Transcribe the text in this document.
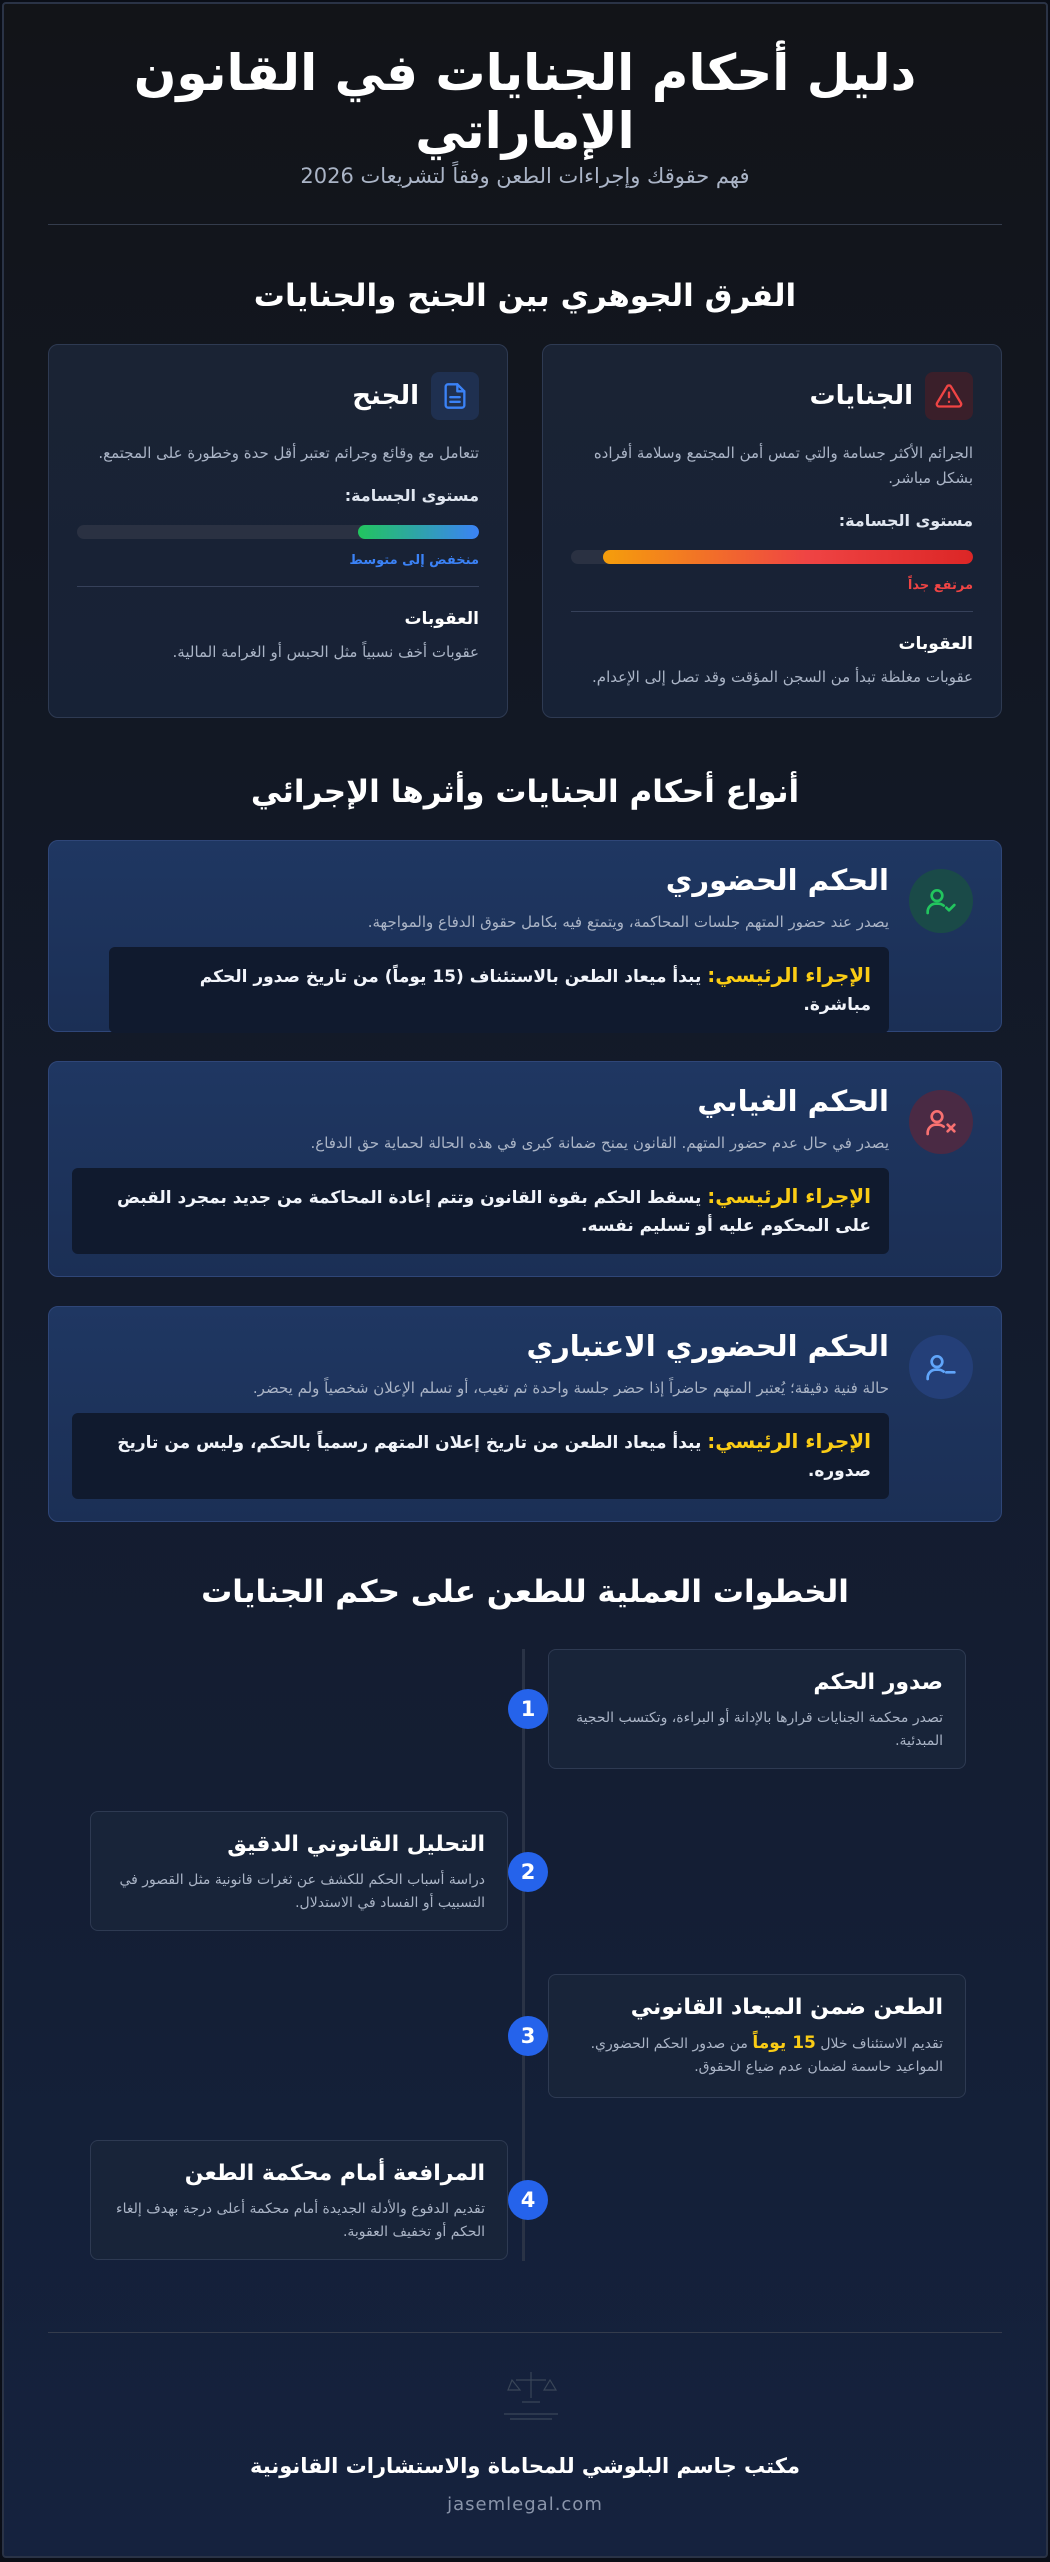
دليل أحكام الجنايات في القانون الإماراتي
فهم حقوقك وإجراءات الطعن وفقاً لتشريعات 2026
الفرق الجوهري بين الجنح والجنايات
الجنايات
الجرائم الأكثر جسامة والتي تمس أمن المجتمع وسلامة أفراده بشكل مباشر.
مستوى الجسامة:
مرتفع جداً
العقوبات
عقوبات مغلظة تبدأ من السجن المؤقت وقد تصل إلى الإعدام.
الجنح
تتعامل مع وقائع وجرائم تعتبر أقل حدة وخطورة على المجتمع.
مستوى الجسامة:
منخفض إلى متوسط
العقوبات
عقوبات أخف نسبياً مثل الحبس أو الغرامة المالية.
أنواع أحكام الجنايات وأثرها الإجرائي
الحكم الحضوري
يصدر عند حضور المتهم جلسات المحاكمة، ويتمتع فيه بكامل حقوق الدفاع والمواجهة.
الإجراء الرئيسي: يبدأ ميعاد الطعن بالاستئناف (15 يوماً) من تاريخ صدور الحكم مباشرة.
الحكم الغيابي
يصدر في حال عدم حضور المتهم. القانون يمنح ضمانة كبرى في هذه الحالة لحماية حق الدفاع.
الإجراء الرئيسي: يسقط الحكم بقوة القانون وتتم إعادة المحاكمة من جديد بمجرد القبض على المحكوم عليه أو تسليم نفسه.
الحكم الحضوري الاعتباري
حالة فنية دقيقة؛ يُعتبر المتهم حاضراً إذا حضر جلسة واحدة ثم تغيب، أو تسلم الإعلان شخصياً ولم يحضر.
الإجراء الرئيسي: يبدأ ميعاد الطعن من تاريخ إعلان المتهم رسمياً بالحكم، وليس من تاريخ صدوره.
الخطوات العملية للطعن على حكم الجنايات
صدور الحكم
تصدر محكمة الجنايات قرارها بالإدانة أو البراءة، وتكتسب الحجية المبدئية.
1
التحليل القانوني الدقيق
دراسة أسباب الحكم للكشف عن ثغرات قانونية مثل القصور في التسبيب أو الفساد في الاستدلال.
2
الطعن ضمن الميعاد القانوني
تقديم الاستئناف خلال 15 يوماً من صدور الحكم الحضوري. المواعيد حاسمة لضمان عدم ضياع الحقوق.
3
المرافعة أمام محكمة الطعن
تقديم الدفوع والأدلة الجديدة أمام محكمة أعلى درجة بهدف إلغاء الحكم أو تخفيف العقوبة.
4
مكتب جاسم البلوشي للمحاماة والاستشارات القانونية
jasemlegal.com
